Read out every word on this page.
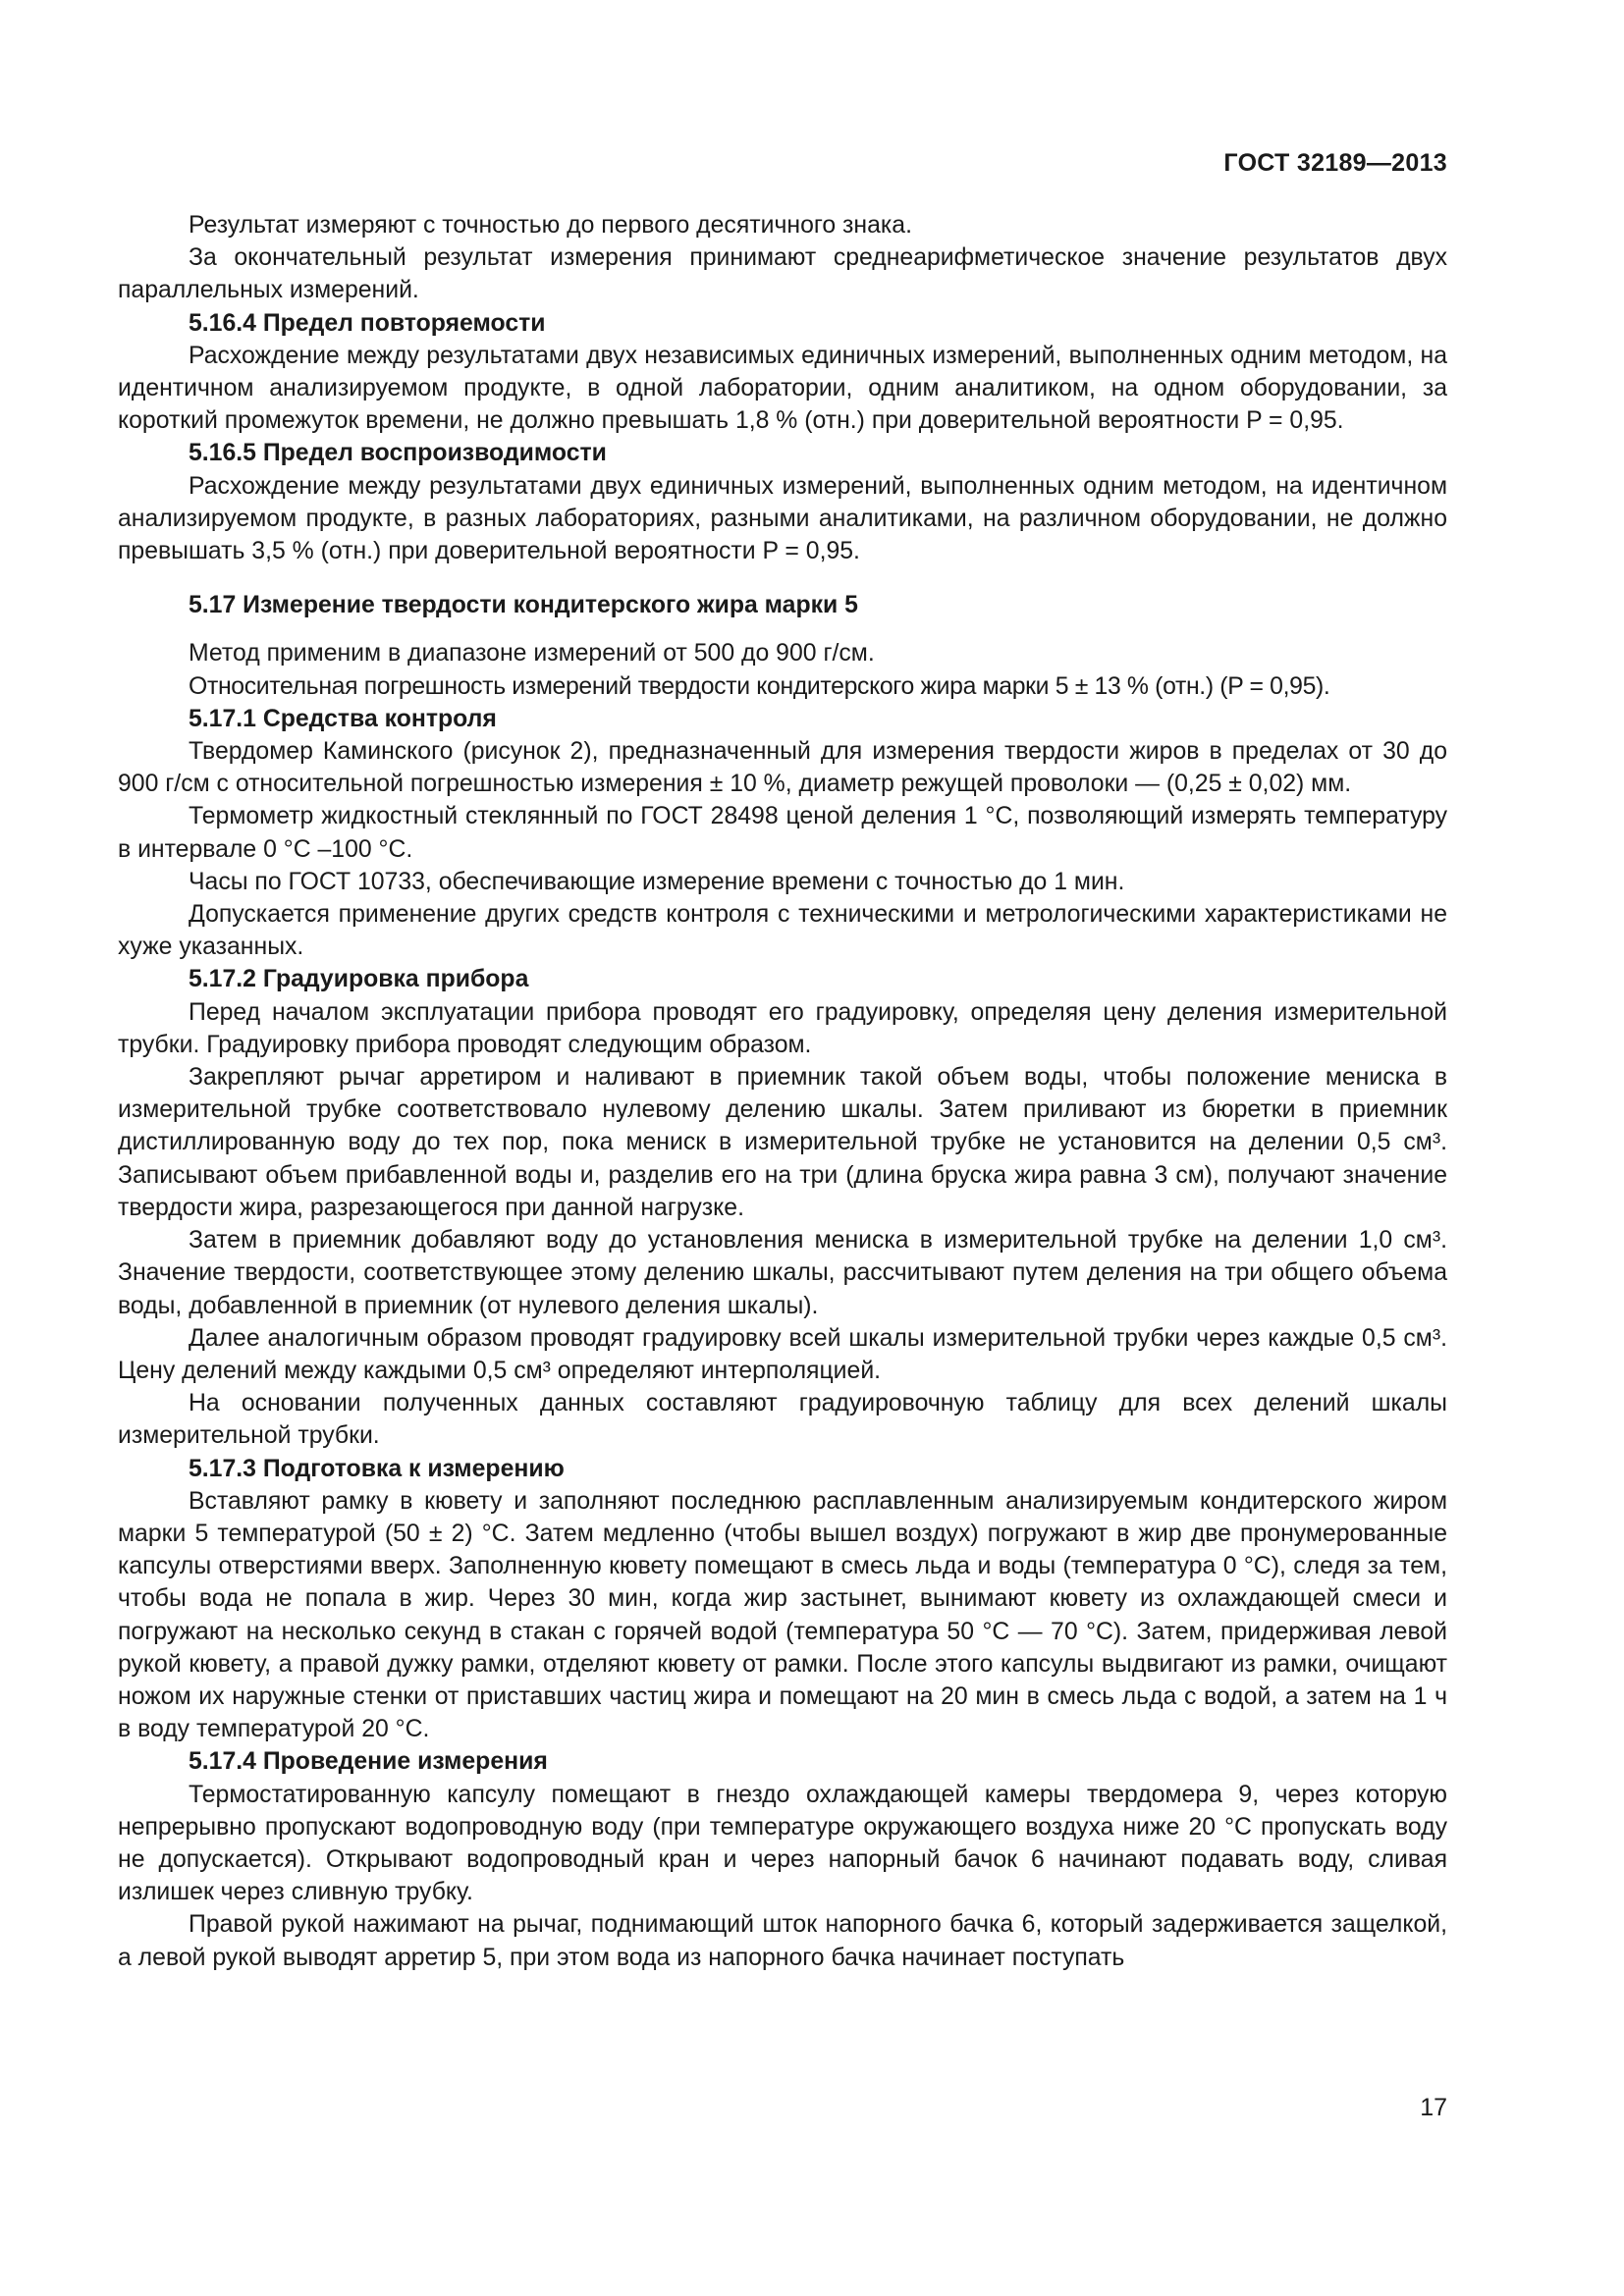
ГОСТ 32189—2013

Результат измеряют с точностью до первого десятичного знака.

За окончательный результат измерения принимают среднеарифметическое значение результатов двух параллельных измерений.

5.16.4 Предел повторяемости

Расхождение между результатами двух независимых единичных измерений, выполненных одним методом, на идентичном анализируемом продукте, в одной лаборатории, одним аналитиком, на одном оборудовании, за короткий промежуток времени, не должно превышать 1,8 % (отн.) при доверительной вероятности P = 0,95.

5.16.5 Предел воспроизводимости

Расхождение между результатами двух единичных измерений, выполненных одним методом, на идентичном анализируемом продукте, в разных лабораториях, разными аналитиками, на различном оборудовании, не должно превышать 3,5 % (отн.) при доверительной вероятности P = 0,95.

5.17 Измерение твердости кондитерского жира марки 5

Метод применим в диапазоне измерений от 500 до 900 г/см.

Относительная погрешность измерений твердости кондитерского жира марки 5 ± 13 % (отн.) (P = 0,95).

5.17.1 Средства контроля

Твердомер Каминского (рисунок 2), предназначенный для измерения твердости жиров в пределах от 30 до 900 г/см с относительной погрешностью измерения ± 10 %, диаметр режущей проволоки — (0,25 ± 0,02) мм.

Термометр жидкостный стеклянный по ГОСТ 28498 ценой деления 1 °С, позволяющий измерять температуру в интервале 0 °С –100 °С.

Часы по ГОСТ 10733, обеспечивающие измерение времени с точностью до 1 мин.

Допускается применение других средств контроля с техническими и метрологическими характеристиками не хуже указанных.

5.17.2 Градуировка прибора

Перед началом эксплуатации прибора проводят его градуировку, определяя цену деления измерительной трубки. Градуировку прибора проводят следующим образом.

Закрепляют рычаг арретиром и наливают в приемник такой объем воды, чтобы положение мениска в измерительной трубке соответствовало нулевому делению шкалы. Затем приливают из бюретки в приемник дистиллированную воду до тех пор, пока мениск в измерительной трубке не установится на делении 0,5 см³. Записывают объем прибавленной воды и, разделив его на три (длина бруска жира равна 3 см), получают значение твердости жира, разрезающегося при данной нагрузке.

Затем в приемник добавляют воду до установления мениска в измерительной трубке на делении 1,0 см³. Значение твердости, соответствующее этому делению шкалы, рассчитывают путем деления на три общего объема воды, добавленной в приемник (от нулевого деления шкалы).

Далее аналогичным образом проводят градуировку всей шкалы измерительной трубки через каждые 0,5 см³. Цену делений между каждыми 0,5 см³ определяют интерполяцией.

На основании полученных данных составляют градуировочную таблицу для всех делений шкалы измерительной трубки.

5.17.3 Подготовка к измерению

Вставляют рамку в кювету и заполняют последнюю расплавленным анализируемым кондитерского жиром марки 5 температурой (50 ± 2) °С. Затем медленно (чтобы вышел воздух) погружают в жир две пронумерованные капсулы отверстиями вверх. Заполненную кювету помещают в смесь льда и воды (температура 0 °С), следя за тем, чтобы вода не попала в жир. Через 30 мин, когда жир застынет, вынимают кювету из охлаждающей смеси и погружают на несколько секунд в стакан с горячей водой (температура 50 °С — 70 °С). Затем, придерживая левой рукой кювету, а правой дужку рамки, отделяют кювету от рамки. После этого капсулы выдвигают из рамки, очищают ножом их наружные стенки от приставших частиц жира и помещают на 20 мин в смесь льда с водой, а затем на 1 ч в воду температурой 20 °С.

5.17.4 Проведение измерения

Термостатированную капсулу помещают в гнездо охлаждающей камеры твердомера 9, через которую непрерывно пропускают водопроводную воду (при температуре окружающего воздуха ниже 20 °С пропускать воду не допускается). Открывают водопроводный кран и через напорный бачок 6 начинают подавать воду, сливая излишек через сливную трубку.

Правой рукой нажимают на рычаг, поднимающий шток напорного бачка 6, который задерживается защелкой, а левой рукой выводят арретир 5, при этом вода из напорного бачка начинает поступать

17
